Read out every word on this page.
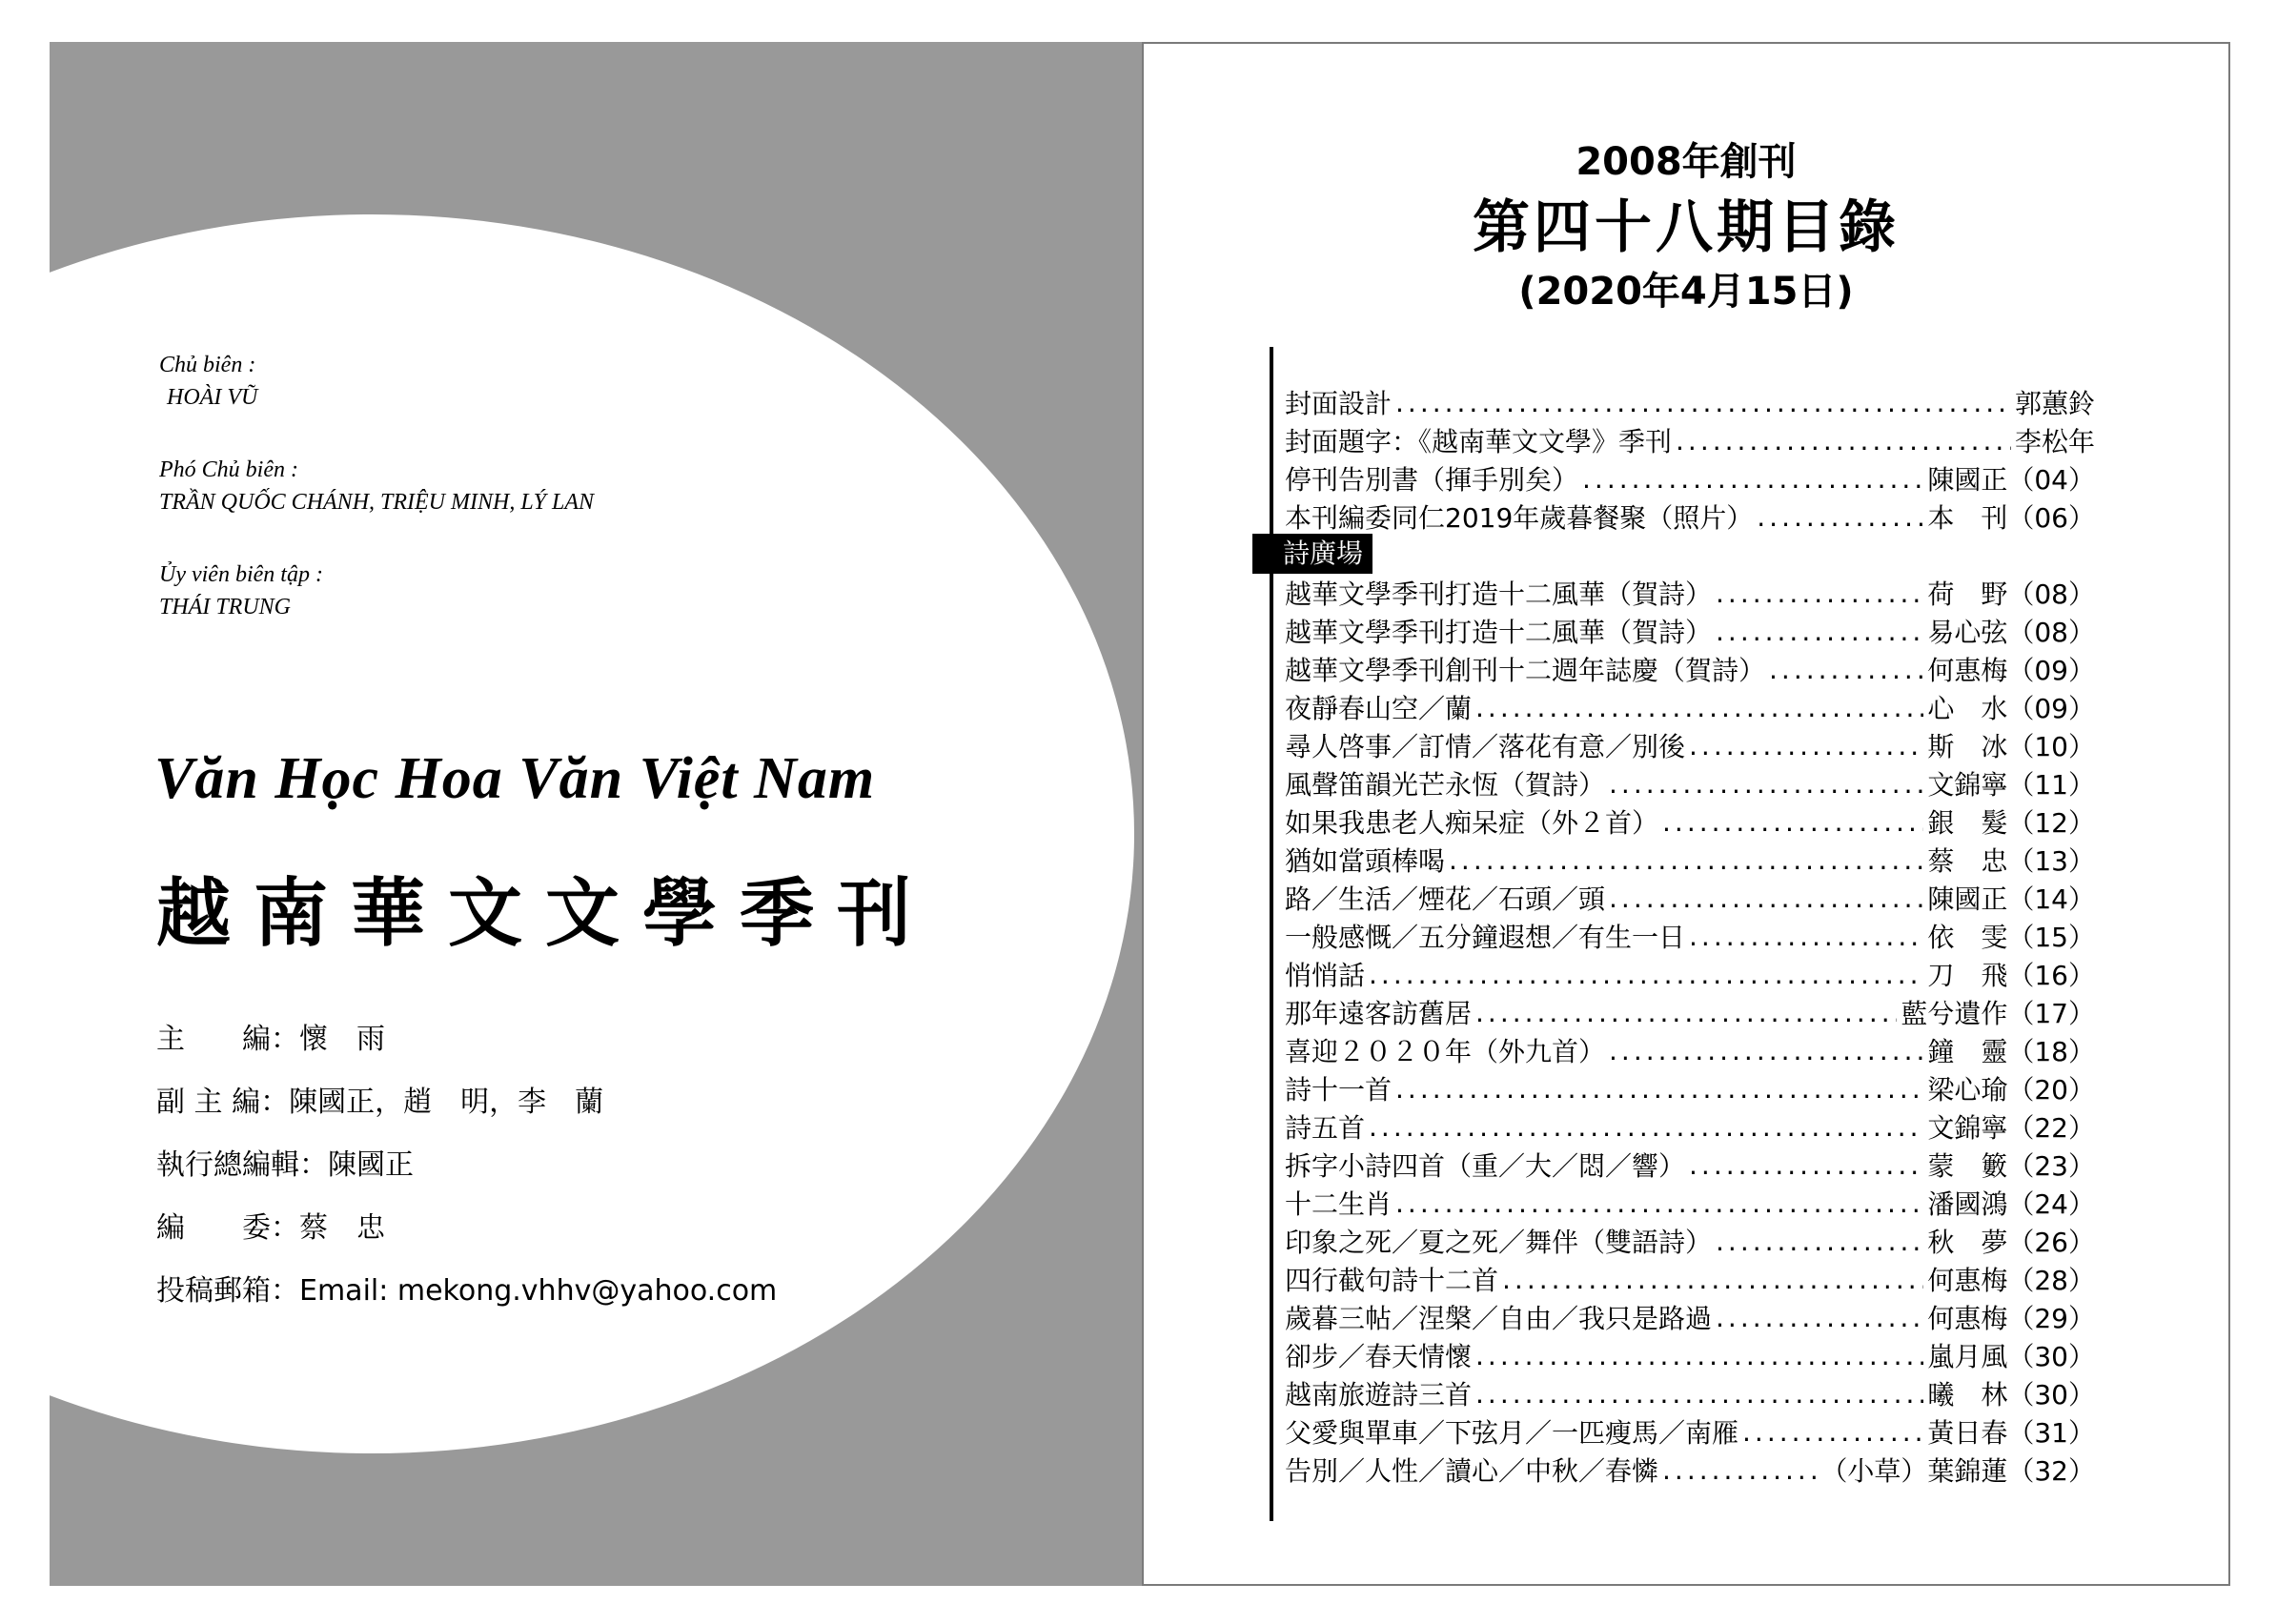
Chủ biên :
HOÀI VŨ
Phó Chủ biên :
TRẦN QUỐC CHÁNH, TRIỆU MINH, LÝ LAN
Ủy viên biên tập :
THÁI TRUNG
Văn Học Hoa Văn Việt Nam
越南華文文學季刊
主　　編 ： 懷　雨
副 主 編 ： 陳國正，趙　明，李　蘭
執行總編輯 ： 陳國正
編　　委 ： 蔡　忠
投稿郵箱 ： Email: mekong.vhhv@yahoo.com
2008年創刊
第四十八期目錄
(2020年4月15日)
封面設計 .....	郭蕙鈴
封面題字：《越南華文文學》季刊 .....	李松年
停刊告別書（揮手別矣） .....	陳國正 （04）
本刊編委同仁2019年歲暮餐聚（照片） .....	本　刊 （06）
越華文學季刊打造十二風華（賀詩） .....	荷　野 （08）
越華文學季刊打造十二風華（賀詩） .....	易心弦 （08）
越華文學季刊創刊十二週年誌慶（賀詩） .....	何惠梅 （09）
夜靜春山空／蘭 .....	心　水 （09）
尋人啓事／訂情／落花有意／別後 .....	斯　冰 （10）
風聲笛韻光芒永恆（賀詩） .....	文錦寧 （11）
如果我患老人痴呆症（外２首） .....	銀　髮 （12）
猶如當頭棒喝 .....	蔡　忠 （13）
路／生活／煙花／石頭／頭 .....	陳國正 （14）
一般感慨／五分鐘遐想／有生一日 .....	依　雯 （15）
悄悄話 .....	刀　飛 （16）
那年遠客訪舊居 .....	藍兮遺作 （17）
喜迎２０２０年（外九首） .....	鐘　靈 （18）
詩十一首 .....	梁心瑜 （20）
詩五首 .....	文錦寧 （22）
拆字小詩四首（重／大／悶／響） .....	蒙　籔 （23）
十二生肖 .....	潘國鴻 （24）
印象之死／夏之死／舞伴（雙語詩） .....	秋　夢 （26）
四行截句詩十二首 .....	何惠梅 （28）
歲暮三帖／涅槃／自由／我只是路過 .....	何惠梅 （29）
卻步／春天情懷 .....	嵐月風 （30）
越南旅遊詩三首 .....	曦　林 （30）
父愛與單車／下弦月／一匹瘦馬／南雁 .....	黃日春 （31）
告別／人性／讀心／中秋／春憐 .....	（小草）葉錦蓮 （32）
詩廣場
